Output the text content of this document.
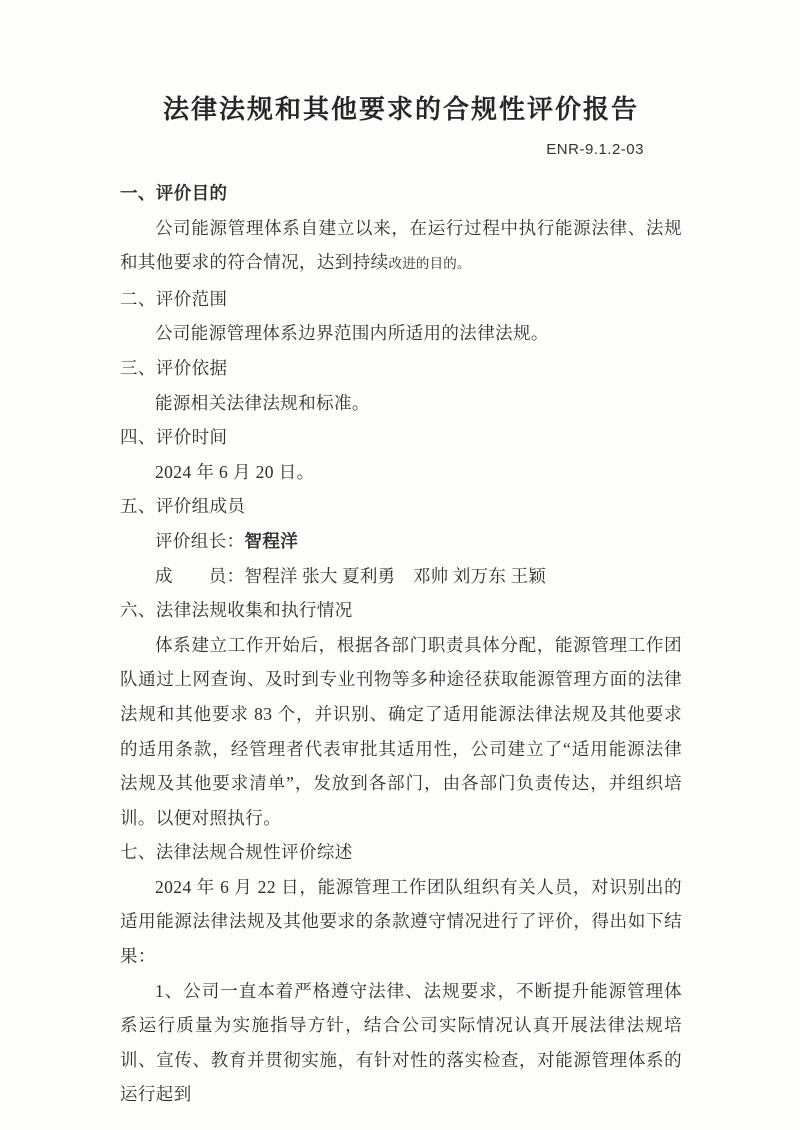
法律法规和其他要求的合规性评价报告
ENR-9.1.2-03
一、评价目的

公司能源管理体系自建立以来，在运行过程中执行能源法律、法规和其他要求的符合情况，达到持续改进的目的。

二、评价范围

公司能源管理体系边界范围内所适用的法律法规。

三、评价依据

能源相关法律法规和标准。

四、评价时间

2024 年 6 月 20 日。

五、评价组成员

评价组长：智程洋

成　　员：智程洋 张大 夏利勇　邓帅 刘万东 王颖

六、法律法规收集和执行情况

体系建立工作开始后，根据各部门职责具体分配，能源管理工作团队通过上网查询、及时到专业刊物等多种途径获取能源管理方面的法律法规和其他要求 83 个，并识别、确定了适用能源法律法规及其他要求的适用条款，经管理者代表审批其适用性，公司建立了“适用能源法律法规及其他要求清单”，发放到各部门，由各部门负责传达，并组织培训。以便对照执行。

七、法律法规合规性评价综述

2024 年 6 月 22 日，能源管理工作团队组织有关人员，对识别出的适用能源法律法规及其他要求的条款遵守情况进行了评价，得出如下结果：

1、公司一直本着严格遵守法律、法规要求，不断提升能源管理体系运行质量为实施指导方针，结合公司实际情况认真开展法律法规培训、宣传、教育并贯彻实施，有针对性的落实检查，对能源管理体系的运行起到
